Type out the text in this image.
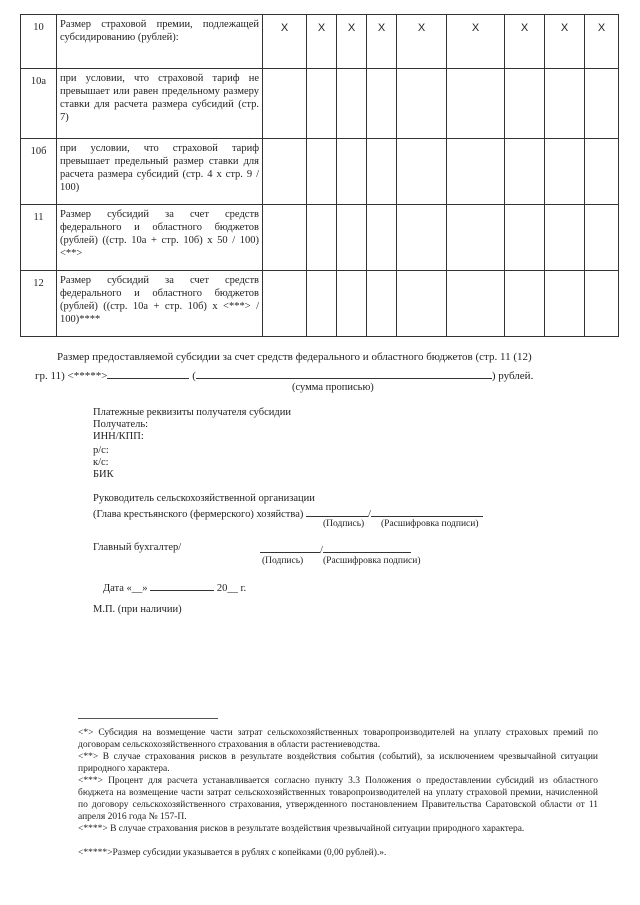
10	Размер страховой премии, подлежащей субсидированию (рублей):	X	X	X	X	X	X	X	X	X
10а	при условии, что страховой тариф не превышает или равен предельному размеру ставки для расчета размера субсидий (стр. 7)									
10б	при условии, что страховой тариф превышает предельный размер ставки для расчета размера субсидий (стр. 4 х стр. 9 / 100)									
11	Размер субсидий за счет средств федерального и областного бюджетов (рублей) ((стр. 10а + стр. 10б) х 50 / 100)<**>									
12	Размер субсидий за счет средств федерального и областного бюджетов (рублей) ((стр. 10а + стр. 10б) х <***> / 100)****									
Размер предоставляемой субсидии за счет средств федерального и областного бюджетов (стр. 11 (12)
гр. 11) <*****>	(	) рублей.
(сумма прописью)
Платежные реквизиты получателя субсидии
Получатель:
ИНН/КПП:
р/с:
к/с:
БИК
Руководитель сельскохозяйственной организации
(Глава крестьянского (фермерского) хозяйства)	/
(Подпись) (Расшифровка подписи)
Главный бухгалтер/	/
(Подпись) (Расшифровка подписи)
Дата «__»	20__ г.
М.П. (при наличии)
<*> Субсидия на возмещение части затрат сельскохозяйственных товаропроизводителей на уплату страховых премий по договорам сельскохозяйственного страхования в области растениеводства.
<**> В случае страхования рисков в результате воздействия события (событий), за исключением чрезвычайной ситуации природного характера.
<***> Процент для расчета устанавливается согласно пункту 3.3 Положения о предоставлении субсидий из областного бюджета на возмещение части затрат сельскохозяйственных товаропроизводителей на уплату страховой премии, начисленной по договору сельскохозяйственного страхования, утвержденного постановлением Правительства Саратовской области от 11 апреля 2016 года № 157-П.
<****> В случае страхования рисков в результате воздействия чрезвычайной ситуации природного характера.
<*****>Размер субсидии указывается в рублях с копейками (0,00 рублей).».
